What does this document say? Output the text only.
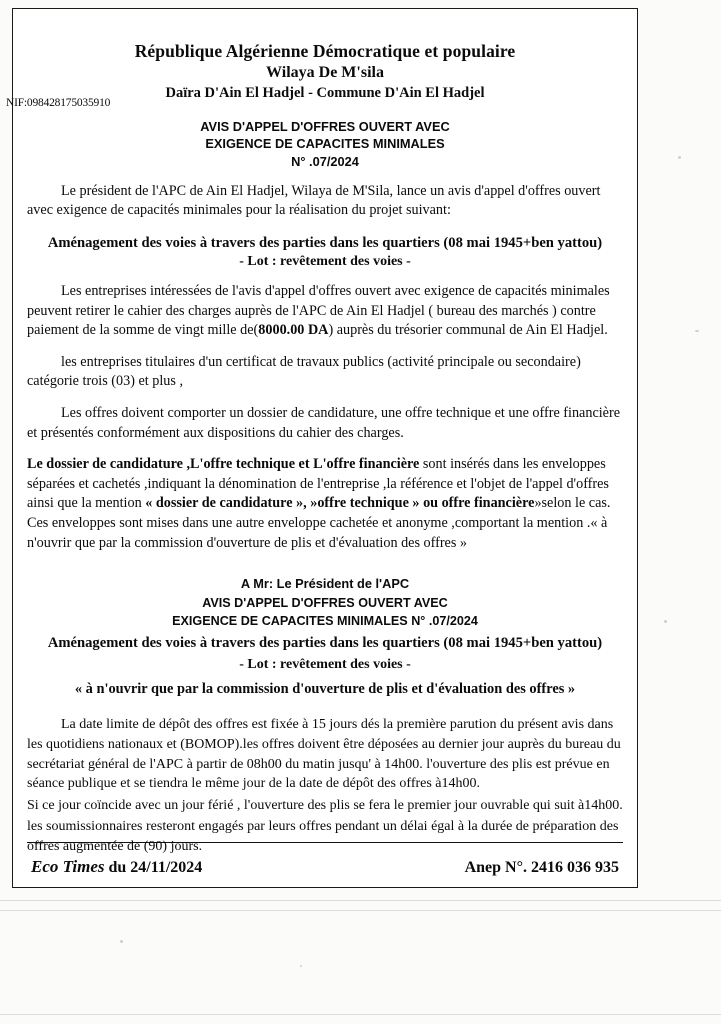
République Algérienne Démocratique et populaire
Wilaya De M'sila
Daïra D'Ain El Hadjel - Commune D'Ain El Hadjel
AVIS D'APPEL D'OFFRES OUVERT AVEC
EXIGENCE DE CAPACITES MINIMALES
N° .07/2024
Le président de l'APC de Ain El Hadjel, Wilaya de M'Sila, lance un avis d'appel d'offres ouvert avec exigence de capacités minimales pour la réalisation du projet suivant:
Aménagement des voies à travers des parties dans les quartiers (08 mai 1945+ben yattou)
- Lot : revêtement des voies -
Les entreprises intéressées de l'avis d'appel d'offres ouvert avec exigence de capacités minimales peuvent retirer le cahier des charges auprès de l'APC de Ain El Hadjel ( bureau des marchés ) contre paiement de la somme de vingt mille de(8000.00 DA) auprès du trésorier communal de Ain El Hadjel.
les entreprises titulaires d'un certificat de travaux publics (activité principale ou secondaire) catégorie trois (03) et plus ,
Les offres doivent comporter un dossier de candidature, une offre technique et une offre financière et présentés conformément aux dispositions du cahier des charges.
Le dossier de candidature ,L'offre technique et L'offre financière sont insérés dans les enveloppes séparées et cachetés ,indiquant la dénomination de l'entreprise ,la référence et l'objet de l'appel d'offres ainsi que la mention « dossier de candidature », »offre technique » ou offre financière»selon le cas. Ces enveloppes sont mises dans une autre enveloppe cachetée et anonyme ,comportant la mention .« à n'ouvrir que par la commission d'ouverture de plis et d'évaluation des offres »
A Mr: Le Président de l'APC
AVIS D'APPEL D'OFFRES OUVERT AVEC
EXIGENCE DE CAPACITES MINIMALES N° .07/2024
Aménagement des voies à travers des parties dans les quartiers (08 mai 1945+ben yattou)
- Lot : revêtement des voies -
« à n'ouvrir que par la commission d'ouverture de plis et d'évaluation des offres »

La date limite de dépôt des offres est fixée à 15 jours dés la première parution du présent avis dans les quotidiens nationaux et (BOMOP).les offres doivent être déposées au dernier jour auprès du bureau du secrétariat général de l'APC à partir de 08h00 du matin jusqu' à 14h00. l'ouverture des plis est prévue en séance publique et se tiendra le même jour de la date de dépôt des offres à14h00.

Si ce jour coïncide avec un jour férié , l'ouverture des plis se fera le premier jour ouvrable qui suit à14h00.

les soumissionnaires resteront engagés par leurs offres pendant un délai égal à la durée de préparation des offres augmentée de (90) jours.

Eco Times du 24/11/2024	Anep N°. 2416 036 935
NIF:098428175035910
